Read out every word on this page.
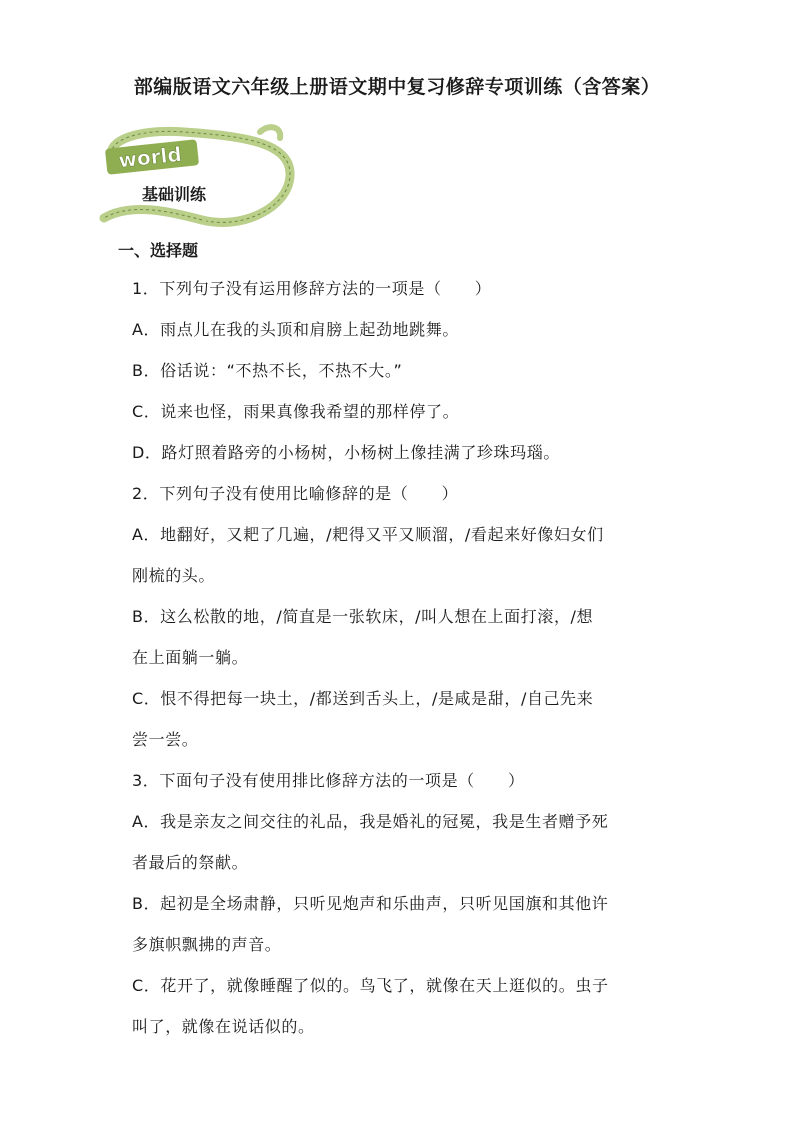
部编版语文六年级上册语文期中复习修辞专项训练（含答案）
world
基础训练
一、选择题

1．下列句子没有运用修辞方法的一项是（　　）

A．雨点儿在我的头顶和肩膀上起劲地跳舞。

B．俗话说：“不热不长，不热不大。”

C．说来也怪，雨果真像我希望的那样停了。

D．路灯照着路旁的小杨树，小杨树上像挂满了珍珠玛瑙。

2．下列句子没有使用比喻修辞的是（　　）

A．地翻好，又耙了几遍，/耙得又平又顺溜，/看起来好像妇女们
刚梳的头。

B．这么松散的地，/简直是一张软床，/叫人想在上面打滚，/想
在上面躺一躺。

C．恨不得把每一块土，/都送到舌头上，/是咸是甜，/自己先来
尝一尝。

3．下面句子没有使用排比修辞方法的一项是（　　）

A．我是亲友之间交往的礼品，我是婚礼的冠冕，我是生者赠予死
者最后的祭献。

B．起初是全场肃静，只听见炮声和乐曲声，只听见国旗和其他许
多旗帜飘拂的声音。

C．花开了，就像睡醒了似的。鸟飞了，就像在天上逛似的。虫子
叫了，就像在说话似的。
